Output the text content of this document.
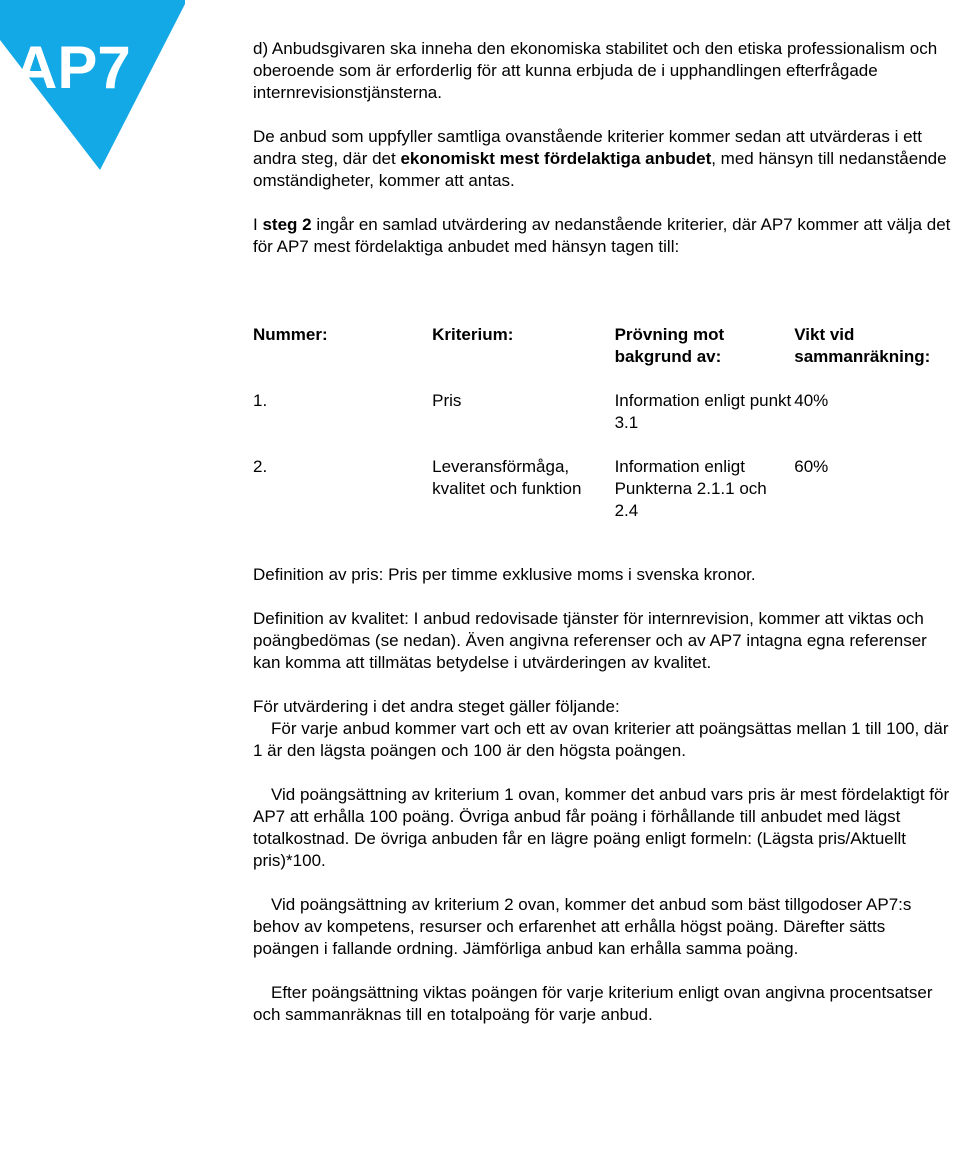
AP7	d) Anbudsgivaren ska inneha den ekonomiska stabilitet och den etiska professionalism och oberoende som är erforderlig för att kunna erbjuda de i upphandlingen efterfrågade internrevisionstjänsterna.

De anbud som uppfyller samtliga ovanstående kriterier kommer sedan att utvärderas i ett andra steg, där det ekonomiskt mest fördelaktiga anbudet, med hänsyn till nedanstående omständigheter, kommer att antas.

I steg 2 ingår en samlad utvärdering av nedanstående kriterier, där AP7 kommer att välja det för AP7 mest fördelaktiga anbudet med hänsyn tagen till:

Nummer:	Kriterium:	Prövning mot bakgrund av:	Vikt vid sammanräkning:
1.	Pris	Information enligt punkt 3.1	40%
2.	Leveransförmåga, kvalitet och funktion	Information enligt Punkterna 2.1.1 och 2.4	60%

Definition av pris: Pris per timme exklusive moms i svenska kronor.

Definition av kvalitet: I anbud redovisade tjänster för internrevision, kommer att viktas och poängbedömas (se nedan). Även angivna referenser och av AP7 intagna egna referenser kan komma att tillmätas betydelse i utvärderingen av kvalitet.

För utvärdering i det andra steget gäller följande:

För varje anbud kommer vart och ett av ovan kriterier att poängsättas mellan 1 till 100, där 1 är den lägsta poängen och 100 är den högsta poängen.

Vid poängsättning av kriterium 1 ovan, kommer det anbud vars pris är mest fördelaktigt för AP7 att erhålla 100 poäng. Övriga anbud får poäng i förhållande till anbudet med lägst totalkostnad. De övriga anbuden får en lägre poäng enligt formeln: (Lägsta pris/Aktuellt pris)*100.

Vid poängsättning av kriterium 2 ovan, kommer det anbud som bäst tillgodoser AP7:s behov av kompetens, resurser och erfarenhet att erhålla högst poäng. Därefter sätts poängen i fallande ordning. Jämförliga anbud kan erhålla samma poäng.

Efter poängsättning viktas poängen för varje kriterium enligt ovan angivna procentsatser och sammanräknas till en totalpoäng för varje anbud.
